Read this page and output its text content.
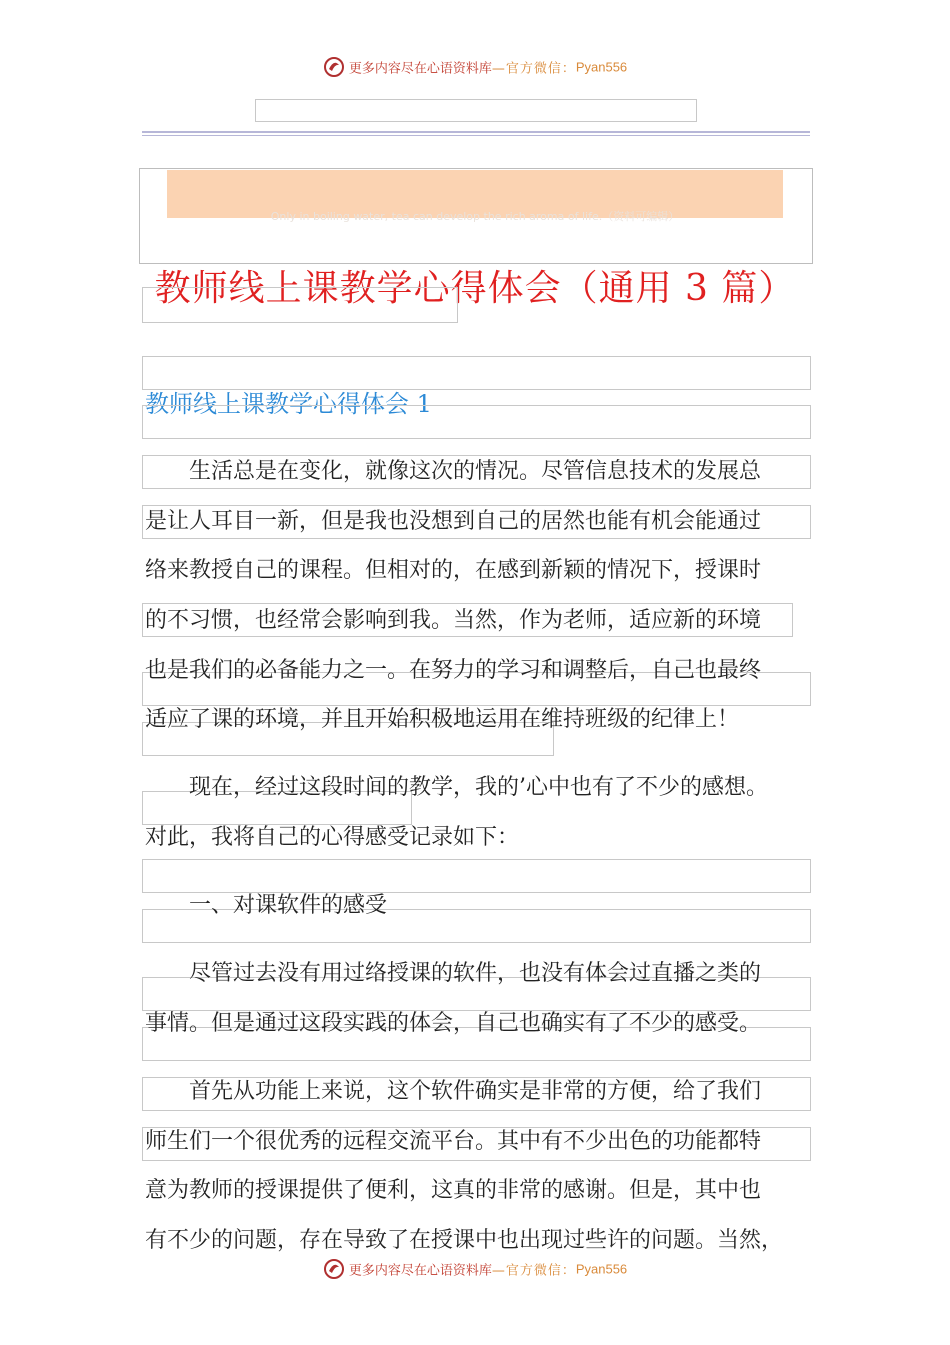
更多内容尽在心语资料库—官方微信：Pyan556
Only in boiling water, tea can develop the rich aroma of life.（资料可编辑）
教师线上课教学心得体会（通用 3 篇）
教师线上课教学心得体会 1
　　生活总是在变化，就像这次的情况。尽管信息技术的发展总
是让人耳目一新，但是我也没想到自己的居然也能有机会能通过
络来教授自己的课程。但相对的，在感到新颖的情况下，授课时
的不习惯，也经常会影响到我。当然，作为老师，适应新的环境
也是我们的必备能力之一。在努力的学习和调整后，自己也最终
适应了课的环境，并且开始积极地运用在维持班级的纪律上！
　　现在，经过这段时间的教学，我的’心中也有了不少的感想。
对此，我将自己的心得感受记录如下：
　　一、对课软件的感受
　　尽管过去没有用过络授课的软件，也没有体会过直播之类的
事情。但是通过这段实践的体会，自己也确实有了不少的感受。
　　首先从功能上来说，这个软件确实是非常的方便，给了我们
师生们一个很优秀的远程交流平台。其中有不少出色的功能都特
意为教师的授课提供了便利，这真的非常的感谢。但是，其中也
有不少的问题，存在导致了在授课中也出现过些许的问题。当然，
更多内容尽在心语资料库—官方微信：Pyan556
